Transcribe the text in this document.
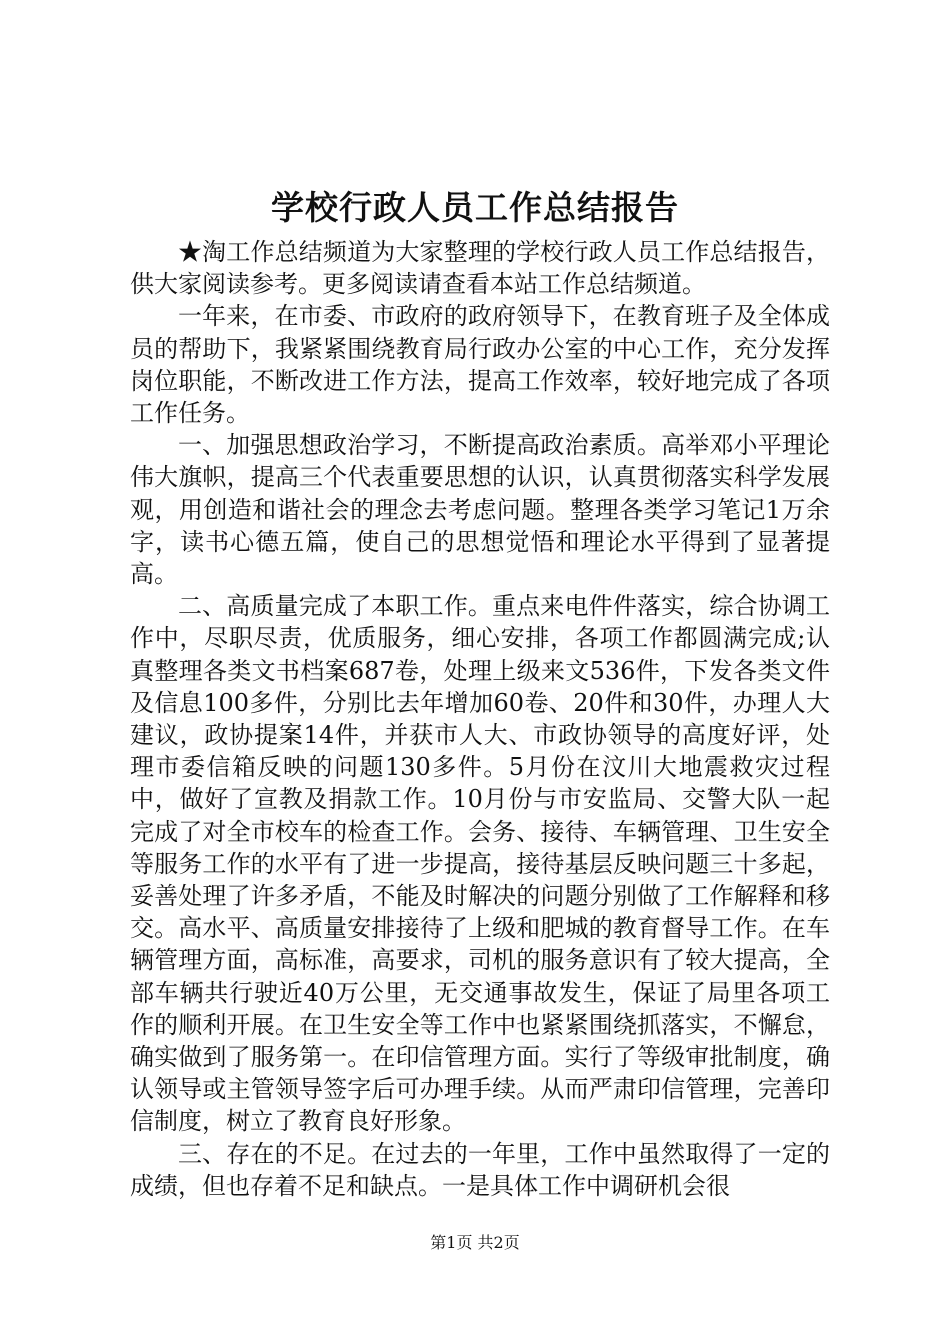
学校行政人员工作总结报告

★淘工作总结频道为大家整理的学校行政人员工作总结报告，供大家阅读参考。更多阅读请查看本站工作总结频道。

一年来，在市委、市政府的政府领导下，在教育班子及全体成员的帮助下，我紧紧围绕教育局行政办公室的中心工作，充分发挥岗位职能，不断改进工作方法，提高工作效率，较好地完成了各项工作任务。

一、加强思想政治学习，不断提高政治素质。高举邓小平理论伟大旗帜，提高三个代表重要思想的认识，认真贯彻落实科学发展观，用创造和谐社会的理念去考虑问题。整理各类学习笔记1万余字，读书心德五篇，使自己的思想觉悟和理论水平得到了显著提高。

二、高质量完成了本职工作。重点来电件件落实，综合协调工作中，尽职尽责，优质服务，细心安排，各项工作都圆满完成;认真整理各类文书档案687卷，处理上级来文536件，下发各类文件及信息100多件，分别比去年增加60卷、20件和30件，办理人大建议，政协提案14件，并获市人大、市政协领导的高度好评，处理市委信箱反映的问题130多件。5月份在汶川大地震救灾过程中，做好了宣教及捐款工作。10月份与市安监局、交警大队一起完成了对全市校车的检查工作。会务、接待、车辆管理、卫生安全等服务工作的水平有了进一步提高，接待基层反映问题三十多起，妥善处理了许多矛盾，不能及时解决的问题分别做了工作解释和移交。高水平、高质量安排接待了上级和肥城的教育督导工作。在车辆管理方面，高标准，高要求，司机的服务意识有了较大提高，全部车辆共行驶近40万公里，无交通事故发生，保证了局里各项工作的顺利开展。在卫生安全等工作中也紧紧围绕抓落实，不懈怠，确实做到了服务第一。在印信管理方面。实行了等级审批制度，确认领导或主管领导签字后可办理手续。从而严肃印信管理，完善印信制度，树立了教育良好形象。

三、存在的不足。在过去的一年里，工作中虽然取得了一定的成绩，但也存着不足和缺点。一是具体工作中调研机会很

第1页 共2页
